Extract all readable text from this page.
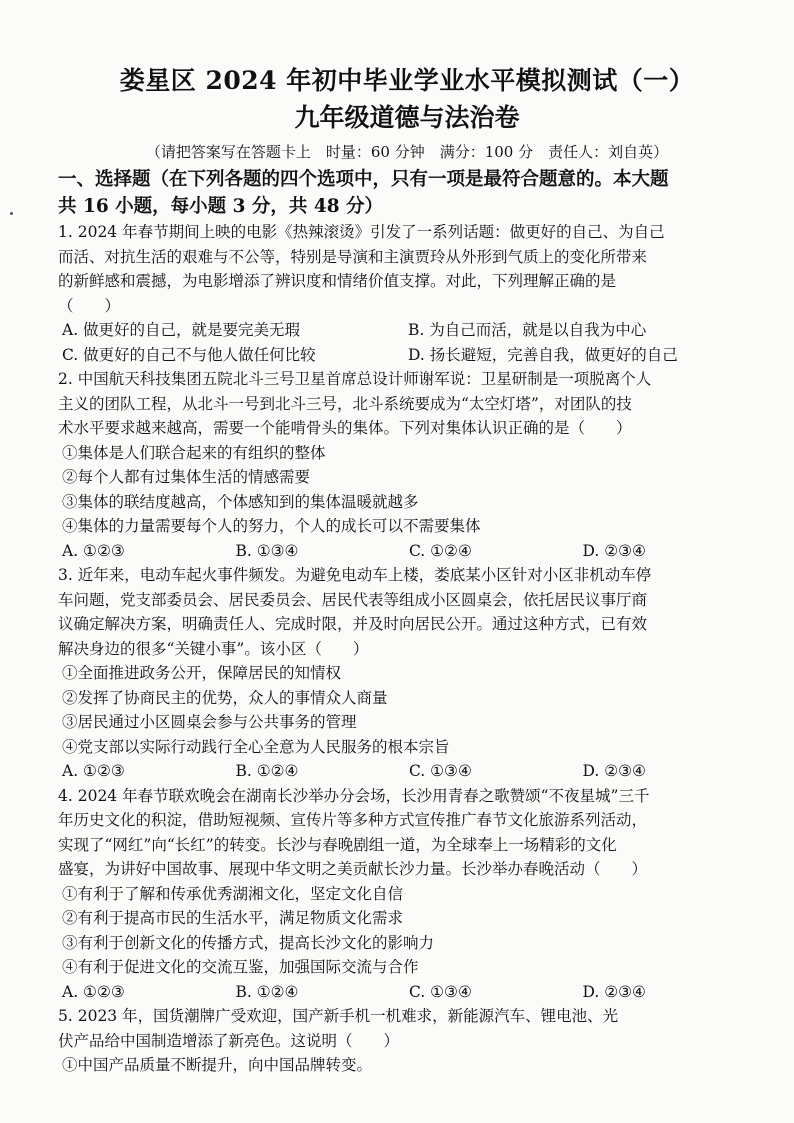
娄星区 2024 年初中毕业学业水平模拟测试（一）

九年级道德与法治卷

（请把答案写在答题卡上　时量：60 分钟　满分：100 分　责任人：刘自英）

一、选择题（在下列各题的四个选项中，只有一项是最符合题意的。本大题

共 16 小题，每小题 3 分，共 48 分）

1. 2024 年春节期间上映的电影《热辣滚烫》引发了一系列话题：做更好的自己、为自己

而活、对抗生活的艰难与不公等，特别是导演和主演贾玲从外形到气质上的变化所带来

的新鲜感和震撼，为电影增添了辨识度和情绪价值支撑。对此，下列理解正确的是

（　　）

A. 做更好的自己，就是要完美无瑕	B. 为自己而活，就是以自我为中心
C. 做更好的自己不与他人做任何比较	D. 扬长避短，完善自我，做更好的自己

2. 中国航天科技集团五院北斗三号卫星首席总设计师谢军说：卫星研制是一项脱离个人

主义的团队工程，从北斗一号到北斗三号，北斗系统要成为“太空灯塔”，对团队的技

术水平要求越来越高，需要一个能啃骨头的集体。下列对集体认识正确的是（　　）

①集体是人们联合起来的有组织的整体

②每个人都有过集体生活的情感需要

③集体的联结度越高，个体感知到的集体温暖就越多

④集体的力量需要每个人的努力，个人的成长可以不需要集体

A. ①②③	B. ①③④	C. ①②④	D. ②③④

3. 近年来，电动车起火事件频发。为避免电动车上楼，娄底某小区针对小区非机动车停

车问题，党支部委员会、居民委员会、居民代表等组成小区圆桌会，依托居民议事厅商

议确定解决方案，明确责任人、完成时限，并及时向居民公开。通过这种方式，已有效

解决身边的很多“关键小事”。该小区（　　）

①全面推进政务公开，保障居民的知情权

②发挥了协商民主的优势，众人的事情众人商量

③居民通过小区圆桌会参与公共事务的管理

④党支部以实际行动践行全心全意为人民服务的根本宗旨

A. ①②③	B. ①②④	C. ①③④	D. ②③④

4. 2024 年春节联欢晚会在湖南长沙举办分会场，长沙用青春之歌赞颂“不夜星城”三千

年历史文化的积淀，借助短视频、宣传片等多种方式宣传推广春节文化旅游系列活动，

实现了“网红”向“长红”的转变。长沙与春晚剧组一道，为全球奉上一场精彩的文化

盛宴，为讲好中国故事、展现中华文明之美贡献长沙力量。长沙举办春晚活动（　　）

①有利于了解和传承优秀湖湘文化，坚定文化自信

②有利于提高市民的生活水平，满足物质文化需求

③有利于创新文化的传播方式，提高长沙文化的影响力

④有利于促进文化的交流互鉴，加强国际交流与合作

A. ①②③	B. ①②④	C. ①③④	D. ②③④

5. 2023 年，国货潮牌广受欢迎，国产新手机一机难求，新能源汽车、锂电池、光

伏产品给中国制造增添了新亮色。这说明（　　）

①中国产品质量不断提升，向中国品牌转变。
